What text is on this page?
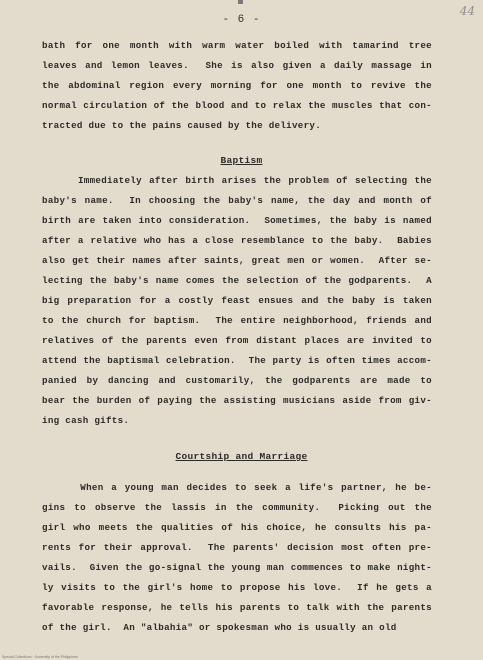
- 6 -
44
bath for one month with warm water boiled with tamarind tree
leaves and lemon leaves.  She is also given a daily massage in
the abdominal region every morning for one month to revive the
normal circulation of the blood and to relax the muscles that con-
tracted due to the pains caused by the delivery.
Baptism
Immediately after birth arises the problem of selecting the
baby's name.  In choosing the baby's name, the day and month of
birth are taken into consideration.  Sometimes, the baby is named
after a relative who has a close resemblance to the baby.  Babies
also get their names after saints, great men or women.  After se-
lecting the baby's name comes the selection of the godparents.  A
big preparation for a costly feast ensues and the baby is taken
to the church for baptism.  The entire neighborhood, friends and
relatives of the parents even from distant places are invited to
attend the baptismal celebration.  The party is often times accom-
panied by dancing and customarily, the godparents are made to
bear the burden of paying the assisting musicians aside from giv-
ing cash gifts.
Courtship and Marriage
When a young man decides to seek a life's partner, he be-
gins to observe the lassis in the community.  Picking out the
girl who meets the qualities of his choice, he consults his pa-
rents for their approval.  The parents' decision most often pre-
vails.  Given the go-signal the young man commences to make night-
ly visits to the girl's home to propose his love.  If he gets a
favorable response, he tells his parents to talk with the parents
of the girl.  An "albahia" or spokesman who is usually an old
Special Collections · University of the Philippines
